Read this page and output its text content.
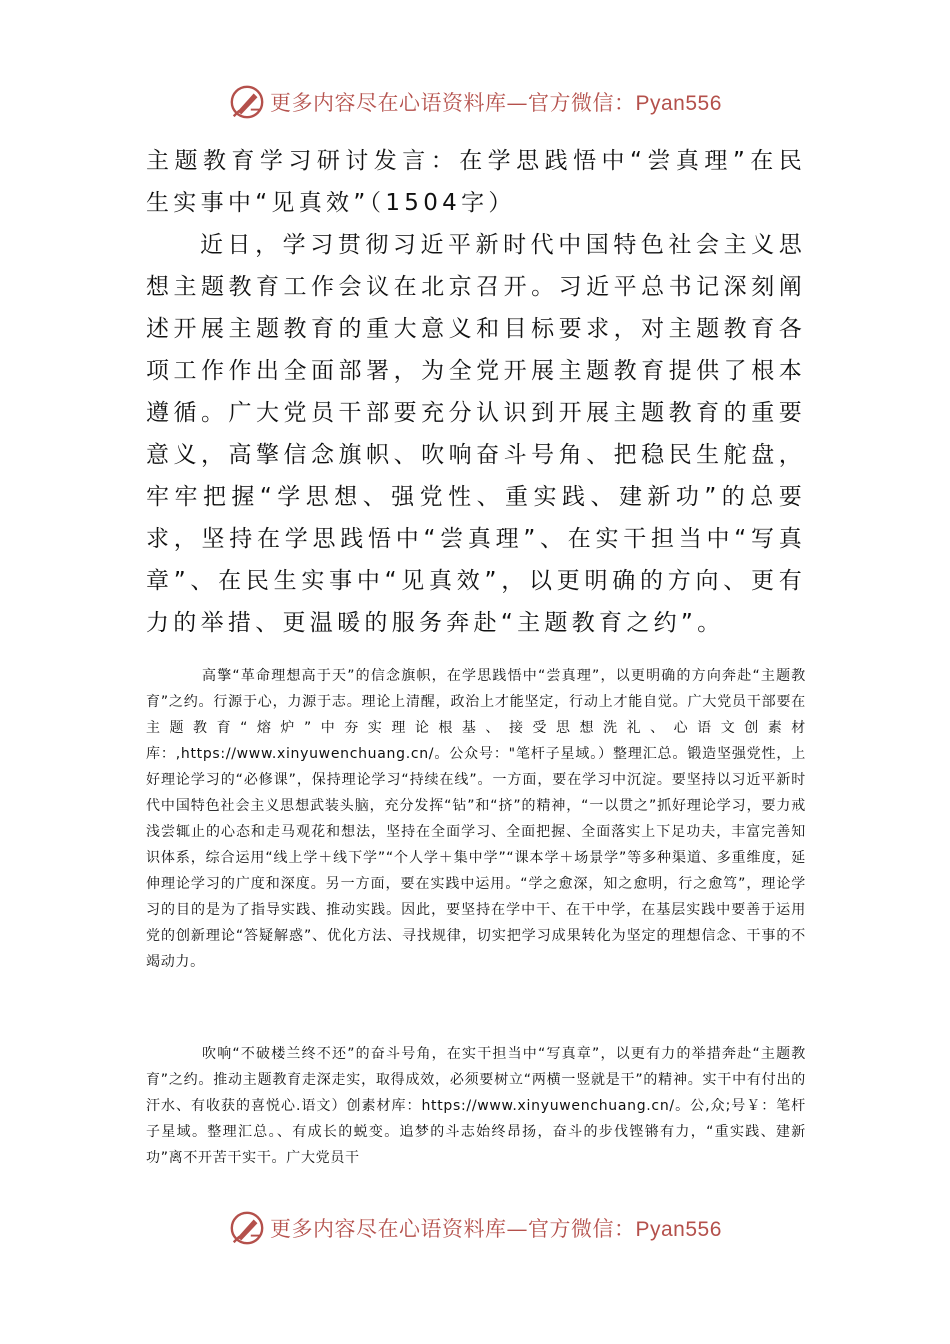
更多内容尽在心语资料库—官方微信：Pyan556
主题教育学习研讨发言：在学思践悟中“尝真理”在民生实事中“见真效”（1504字）
近日，学习贯彻习近平新时代中国特色社会主义思想主题教育工作会议在北京召开。习近平总书记深刻阐述开展主题教育的重大意义和目标要求，对主题教育各项工作作出全面部署，为全党开展主题教育提供了根本遵循。广大党员干部要充分认识到开展主题教育的重要意义，高擎信念旗帜、吹响奋斗号角、把稳民生舵盘，牢牢把握“学思想、强党性、重实践、建新功”的总要求，坚持在学思践悟中“尝真理”、在实干担当中“写真章”、在民生实事中“见真效”，以更明确的方向、更有力的举措、更温暖的服务奔赴“主题教育之约”。
高擎“革命理想高于天”的信念旗帜，在学思践悟中“尝真理”，以更明确的方向奔赴“主题教育”之约。行源于心，力源于志。理论上清醒，政治上才能坚定，行动上才能自觉。广大党员干部要在主题教育“熔炉”中夯实理论根基、接受思想洗礼、心语文创素材库：,https://www.xinyuwenchuang.cn/。公众号："笔杆子星域。）整理汇总。锻造坚强党性，上好理论学习的“必修课”，保持理论学习“持续在线”。一方面，要在学习中沉淀。要坚持以习近平新时代中国特色社会主义思想武装头脑，充分发挥“钻”和“挤”的精神，“一以贯之”抓好理论学习，要力戒浅尝辄止的心态和走马观花和想法，坚持在全面学习、全面把握、全面落实上下足功夫，丰富完善知识体系，综合运用“线上学＋线下学”“个人学＋集中学”“课本学＋场景学”等多种渠道、多重维度，延伸理论学习的广度和深度。另一方面，要在实践中运用。“学之愈深，知之愈明，行之愈笃”，理论学习的目的是为了指导实践、推动实践。因此，要坚持在学中干、在干中学，在基层实践中要善于运用党的创新理论“答疑解惑”、优化方法、寻找规律，切实把学习成果转化为坚定的理想信念、干事的不竭动力。
吹响“不破楼兰终不还”的奋斗号角，在实干担当中“写真章”，以更有力的举措奔赴“主题教育”之约。推动主题教育走深走实，取得成效，必须要树立“两横一竖就是干”的精神。实干中有付出的汗水、有收获的喜悦心.语文）创素材库：https://www.xinyuwenchuang.cn/。公,众;号￥：笔杆子星域。整理汇总。、有成长的蜕变。追梦的斗志始终昂扬，奋斗的步伐铿锵有力，“重实践、建新功”离不开苦干实干。广大党员干
更多内容尽在心语资料库—官方微信：Pyan556
